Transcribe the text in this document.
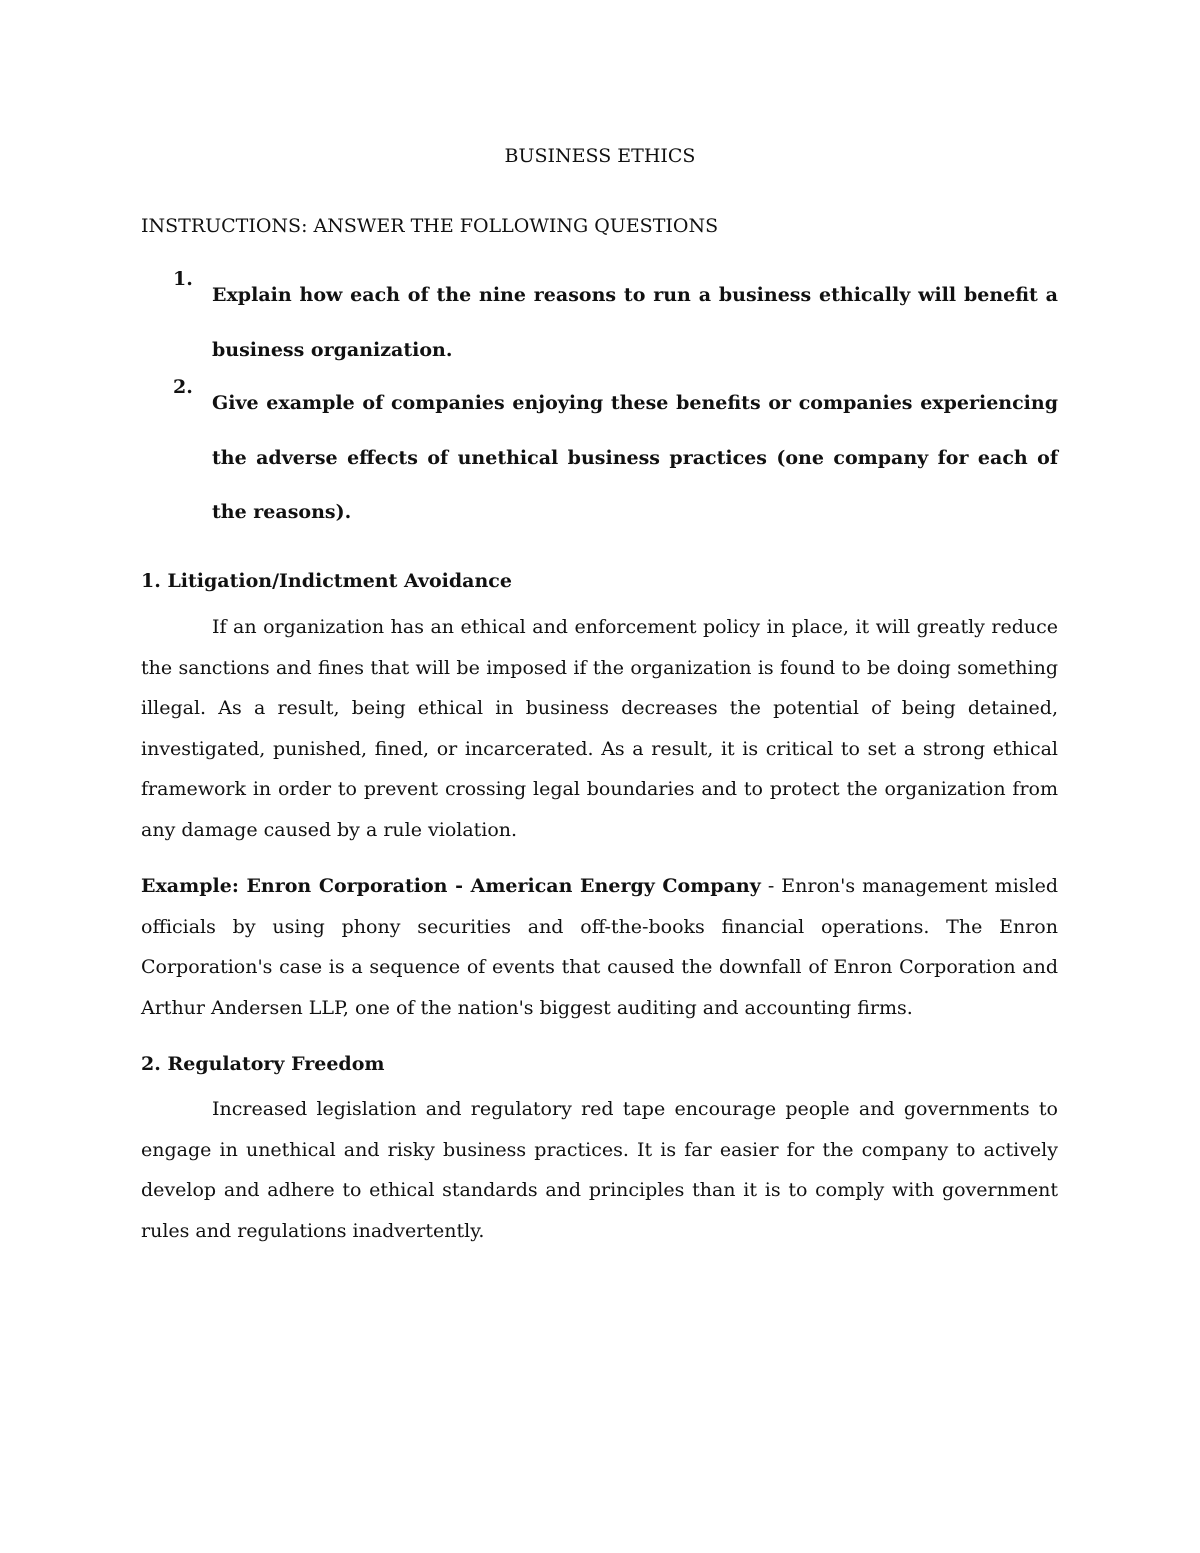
BUSINESS ETHICS
INSTRUCTIONS: ANSWER THE FOLLOWING QUESTIONS
1.
Explain how each of the nine reasons to run a business ethically will benefit a business organization.
2.
Give example of companies enjoying these benefits or companies experiencing the adverse effects of unethical business practices (one company for each of the reasons).
1. Litigation/Indictment Avoidance
If an organization has an ethical and enforcement policy in place, it will greatly reduce the sanctions and fines that will be imposed if the organization is found to be doing something illegal. As a result, being ethical in business decreases the potential of being detained, investigated, punished, fined, or incarcerated. As a result, it is critical to set a strong ethical framework in order to prevent crossing legal boundaries and to protect the organization from any damage caused by a rule violation.
Example: Enron Corporation - American Energy Company - Enron's management misled officials by using phony securities and off-the-books financial operations. The Enron Corporation's case is a sequence of events that caused the downfall of Enron Corporation and Arthur Andersen LLP, one of the nation's biggest auditing and accounting firms.
2. Regulatory Freedom
Increased legislation and regulatory red tape encourage people and governments to engage in unethical and risky business practices. It is far easier for the company to actively develop and adhere to ethical standards and principles than it is to comply with government rules and regulations inadvertently.
